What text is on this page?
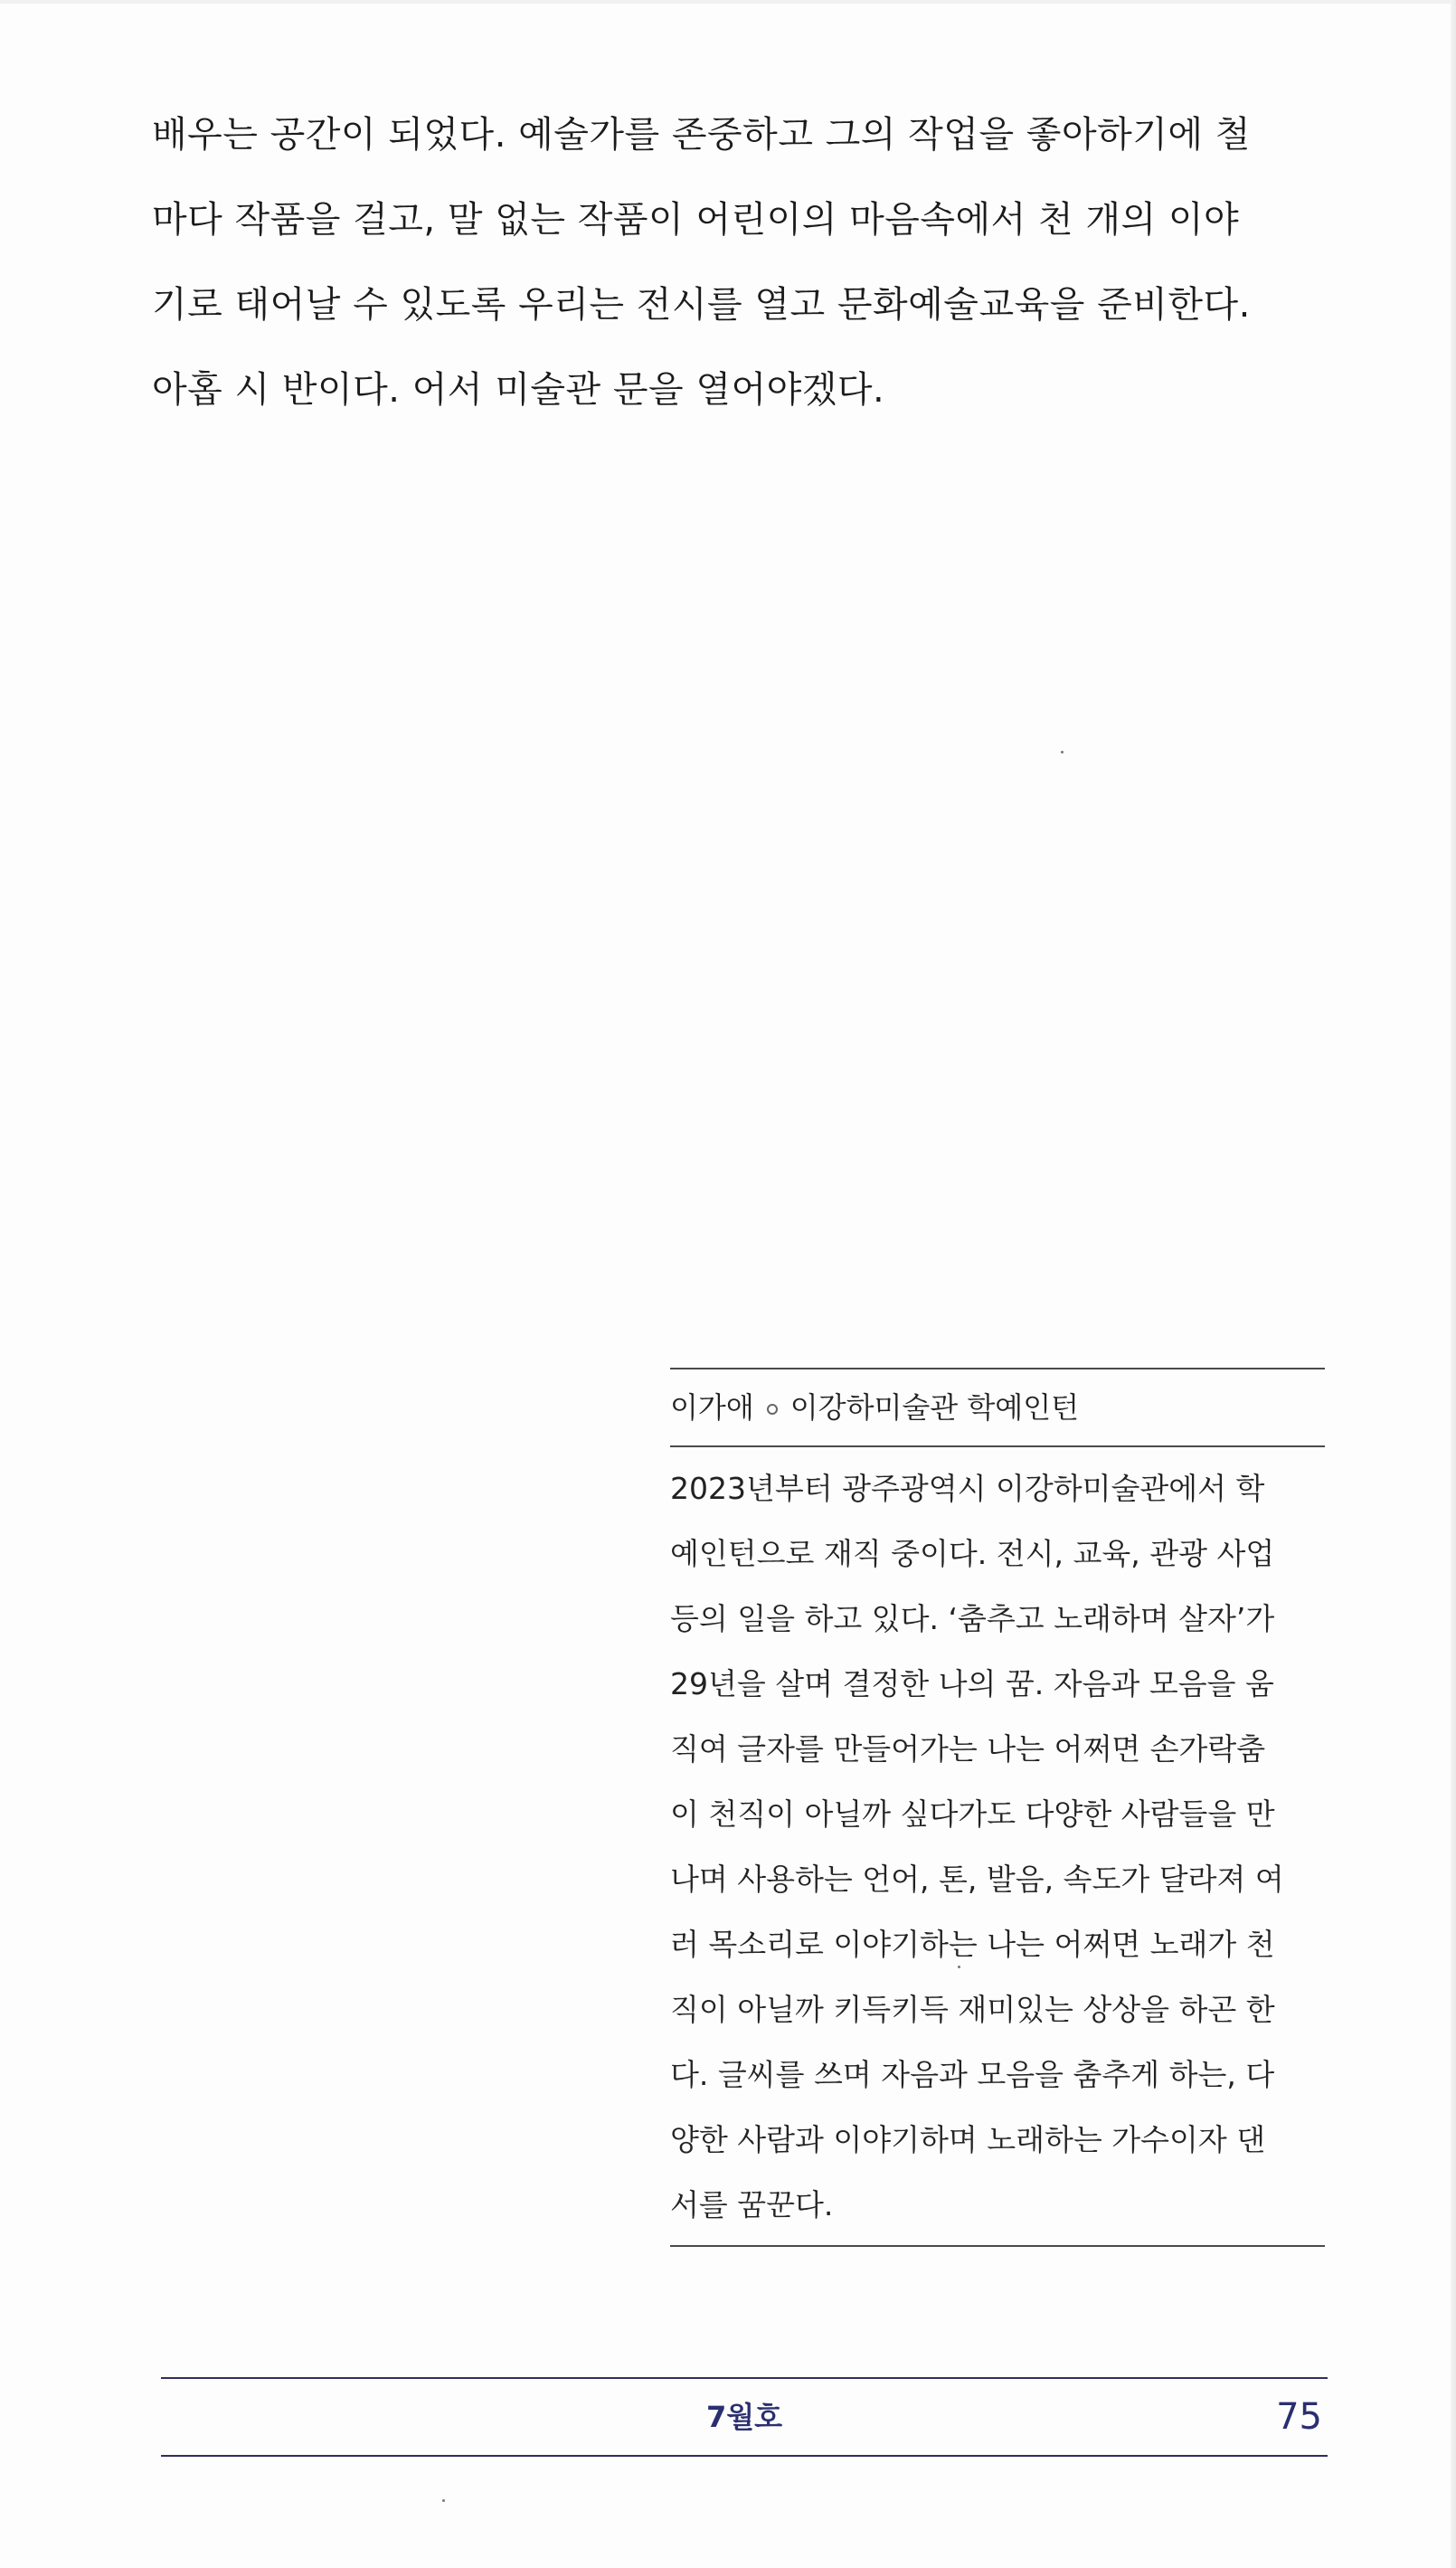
배우는 공간이 되었다. 예술가를 존중하고 그의 작업을 좋아하기에 철
마다 작품을 걸고, 말 없는 작품이 어린이의 마음속에서 천 개의 이야
기로 태어날 수 있도록 우리는 전시를 열고 문화예술교육을 준비한다.
아홉 시 반이다. 어서 미술관 문을 열어야겠다.
이가애 이강하미술관 학예인턴
2023년부터 광주광역시 이강하미술관에서 학
예인턴으로 재직 중이다. 전시, 교육, 관광 사업
등의 일을 하고 있다. ‘춤추고 노래하며 살자’가
29년을 살며 결정한 나의 꿈. 자음과 모음을 움
직여 글자를 만들어가는 나는 어쩌면 손가락춤
이 천직이 아닐까 싶다가도 다양한 사람들을 만
나며 사용하는 언어, 톤, 발음, 속도가 달라져 여
러 목소리로 이야기하는 나는 어쩌면 노래가 천
직이 아닐까 키득키득 재미있는 상상을 하곤 한
다. 글씨를 쓰며 자음과 모음을 춤추게 하는, 다
양한 사람과 이야기하며 노래하는 가수이자 댄
서를 꿈꾼다.
7월호	75
